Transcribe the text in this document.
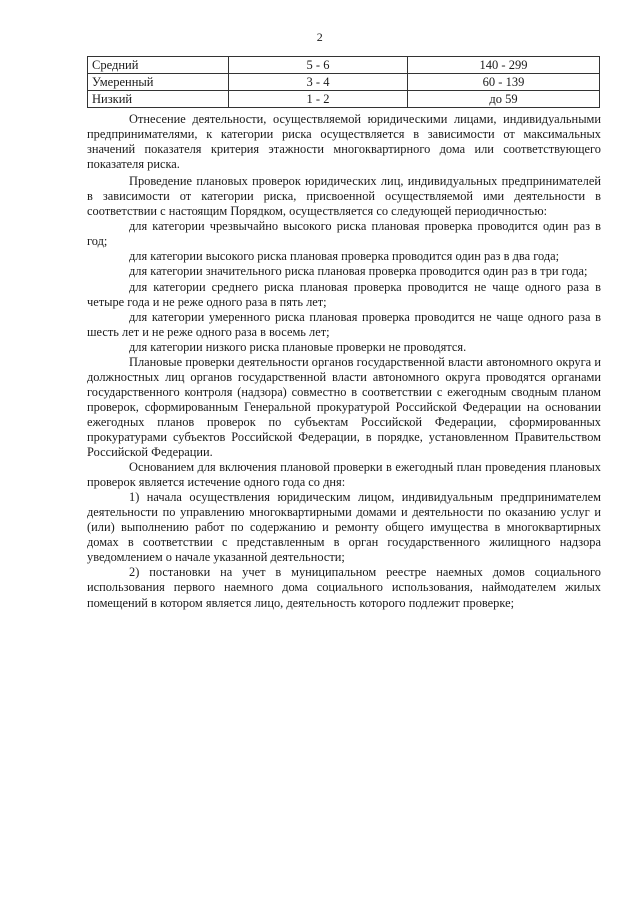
2
Средний	5 - 6	140 - 299
Умеренный	3 - 4	60 - 139
Низкий	1 - 2	до 59

Отнесение деятельности, осуществляемой юридическими лицами, индивидуальными предпринимателями, к категории риска осуществляется в зависимости от максимальных значений показателя критерия этажности многоквартирного дома или соответствующего показателя риска.

Проведение плановых проверок юридических лиц, индивидуальных предпринимателей в зависимости от категории риска, присвоенной осуществляемой ими деятельности в соответствии с настоящим Порядком, осуществляется со следующей периодичностью:

для категории чрезвычайно высокого риска плановая проверка проводится один раз в год;

для категории высокого риска плановая проверка проводится один раз в два года;

для категории значительного риска плановая проверка проводится один раз в три года;

для категории среднего риска плановая проверка проводится не чаще одного раза в четыре года и не реже одного раза в пять лет;

для категории умеренного риска плановая проверка проводится не чаще одного раза в шесть лет и не реже одного раза в восемь лет;

для категории низкого риска плановые проверки не проводятся.

Плановые проверки деятельности органов государственной власти автономного округа и должностных лиц органов государственной власти автономного округа проводятся органами государственного контроля (надзора) совместно в соответствии с ежегодным сводным планом проверок, сформированным Генеральной прокуратурой Российской Федерации на основании ежегодных планов проверок по субъектам Российской Федерации, сформированных прокуратурами субъектов Российской Федерации, в порядке, установленном Правительством Российской Федерации.

Основанием для включения плановой проверки в ежегодный план проведения плановых проверок является истечение одного года со дня:

1) начала осуществления юридическим лицом, индивидуальным предпринимателем деятельности по управлению многоквартирными домами и деятельности по оказанию услуг и (или) выполнению работ по содержанию и ремонту общего имущества в многоквартирных домах в соответствии с представленным в орган государственного жилищного надзора уведомлением о начале указанной деятельности;

2) постановки на учет в муниципальном реестре наемных домов социального использования первого наемного дома социального использования, наймодателем жилых помещений в котором является лицо, деятельность которого подлежит проверке;
